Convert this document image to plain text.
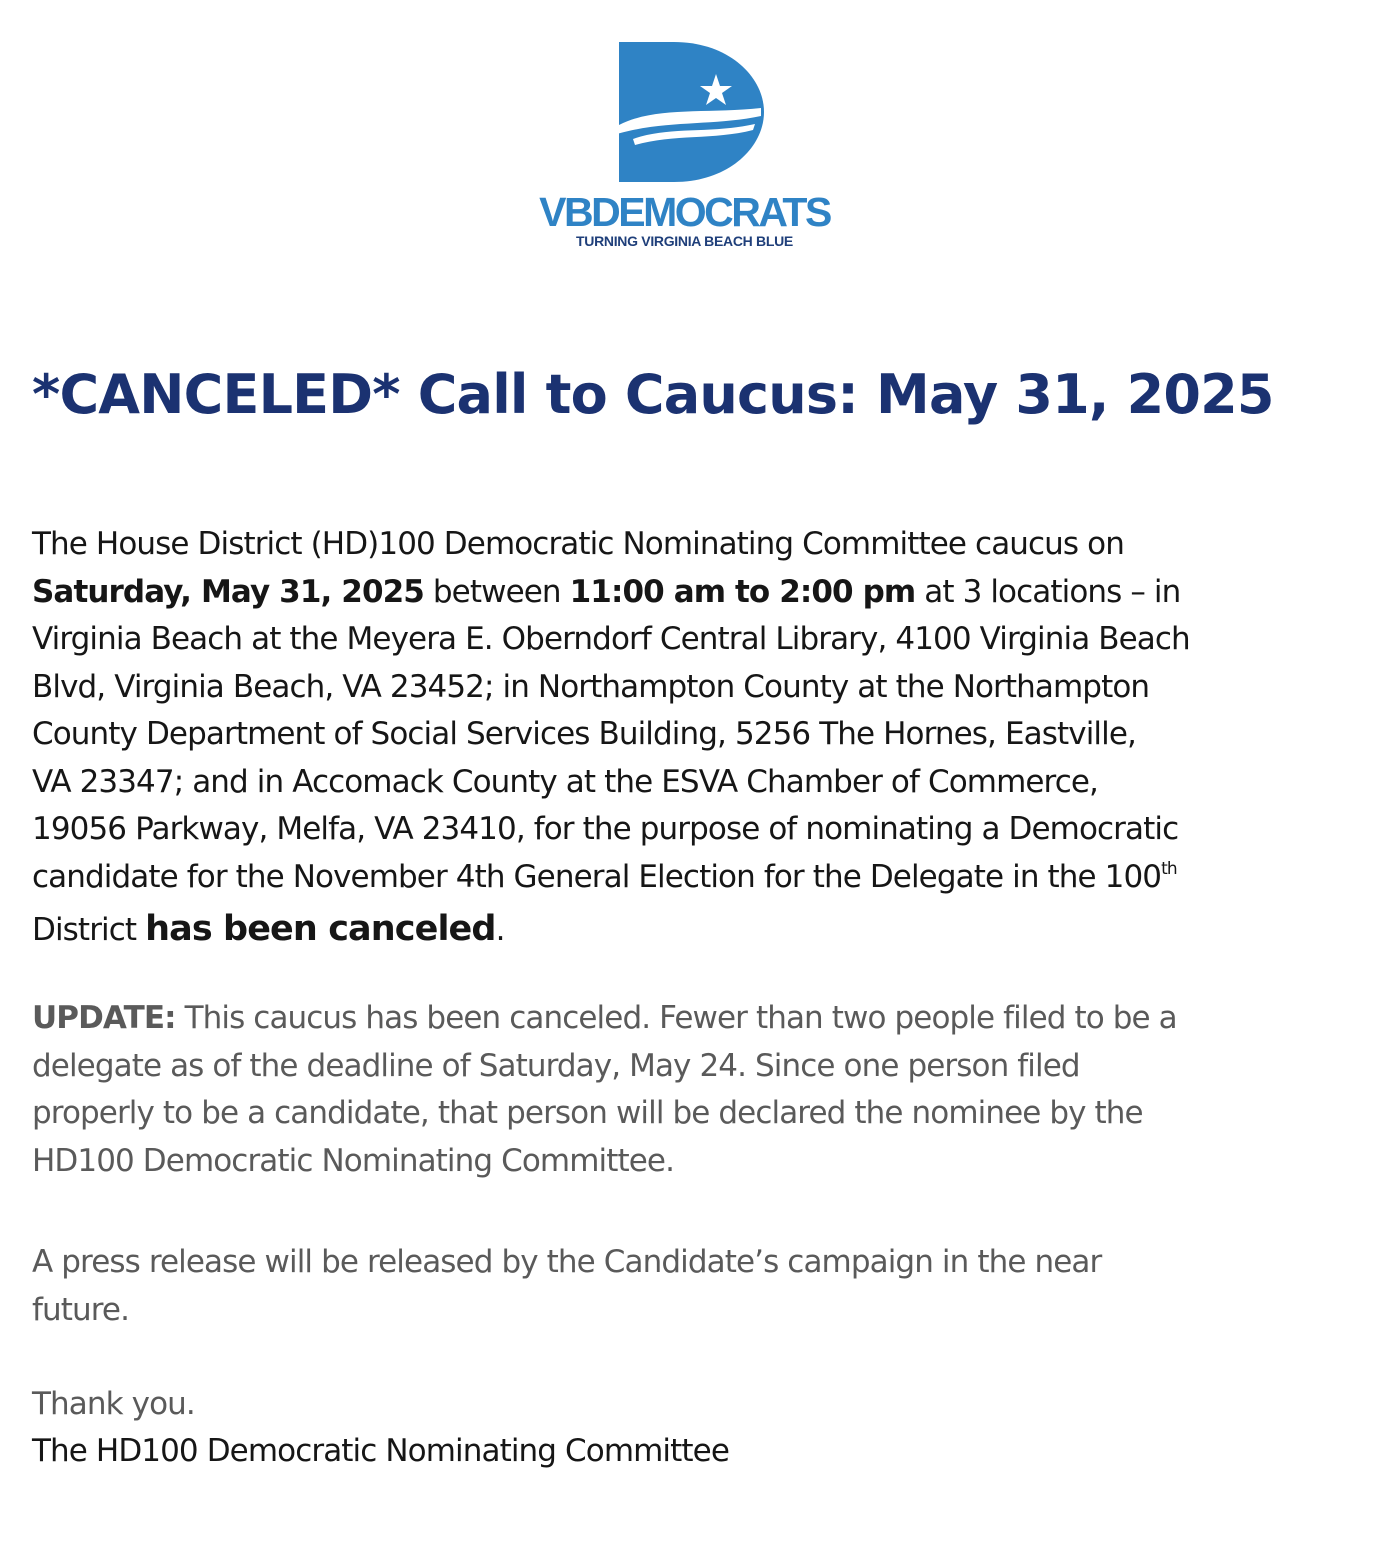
VBDEMOCRATS
TURNING VIRGINIA BEACH BLUE
*CANCELED* Call to Caucus: May 31, 2025

The House District (HD)100 Democratic Nominating Committee caucus on
Saturday, May 31, 2025 between 11:00 am to 2:00 pm at 3 locations – in
Virginia Beach at the Meyera E. Oberndorf Central Library, 4100 Virginia Beach
Blvd, Virginia Beach, VA 23452; in Northampton County at the Northampton
County Department of Social Services Building, 5256 The Hornes, Eastville,
VA 23347; and in Accomack County at the ESVA Chamber of Commerce,
19056 Parkway, Melfa, VA 23410, for the purpose of nominating a Democratic
candidate for the November 4th General Election for the Delegate in the 100th
District has been canceled.

UPDATE: This caucus has been canceled. Fewer than two people filed to be a
delegate as of the deadline of Saturday, May 24. Since one person filed
properly to be a candidate, that person will be declared the nominee by the
HD100 Democratic Nominating Committee.

A press release will be released by the Candidate’s campaign in the near
future.

Thank you.

The HD100 Democratic Nominating Committee
